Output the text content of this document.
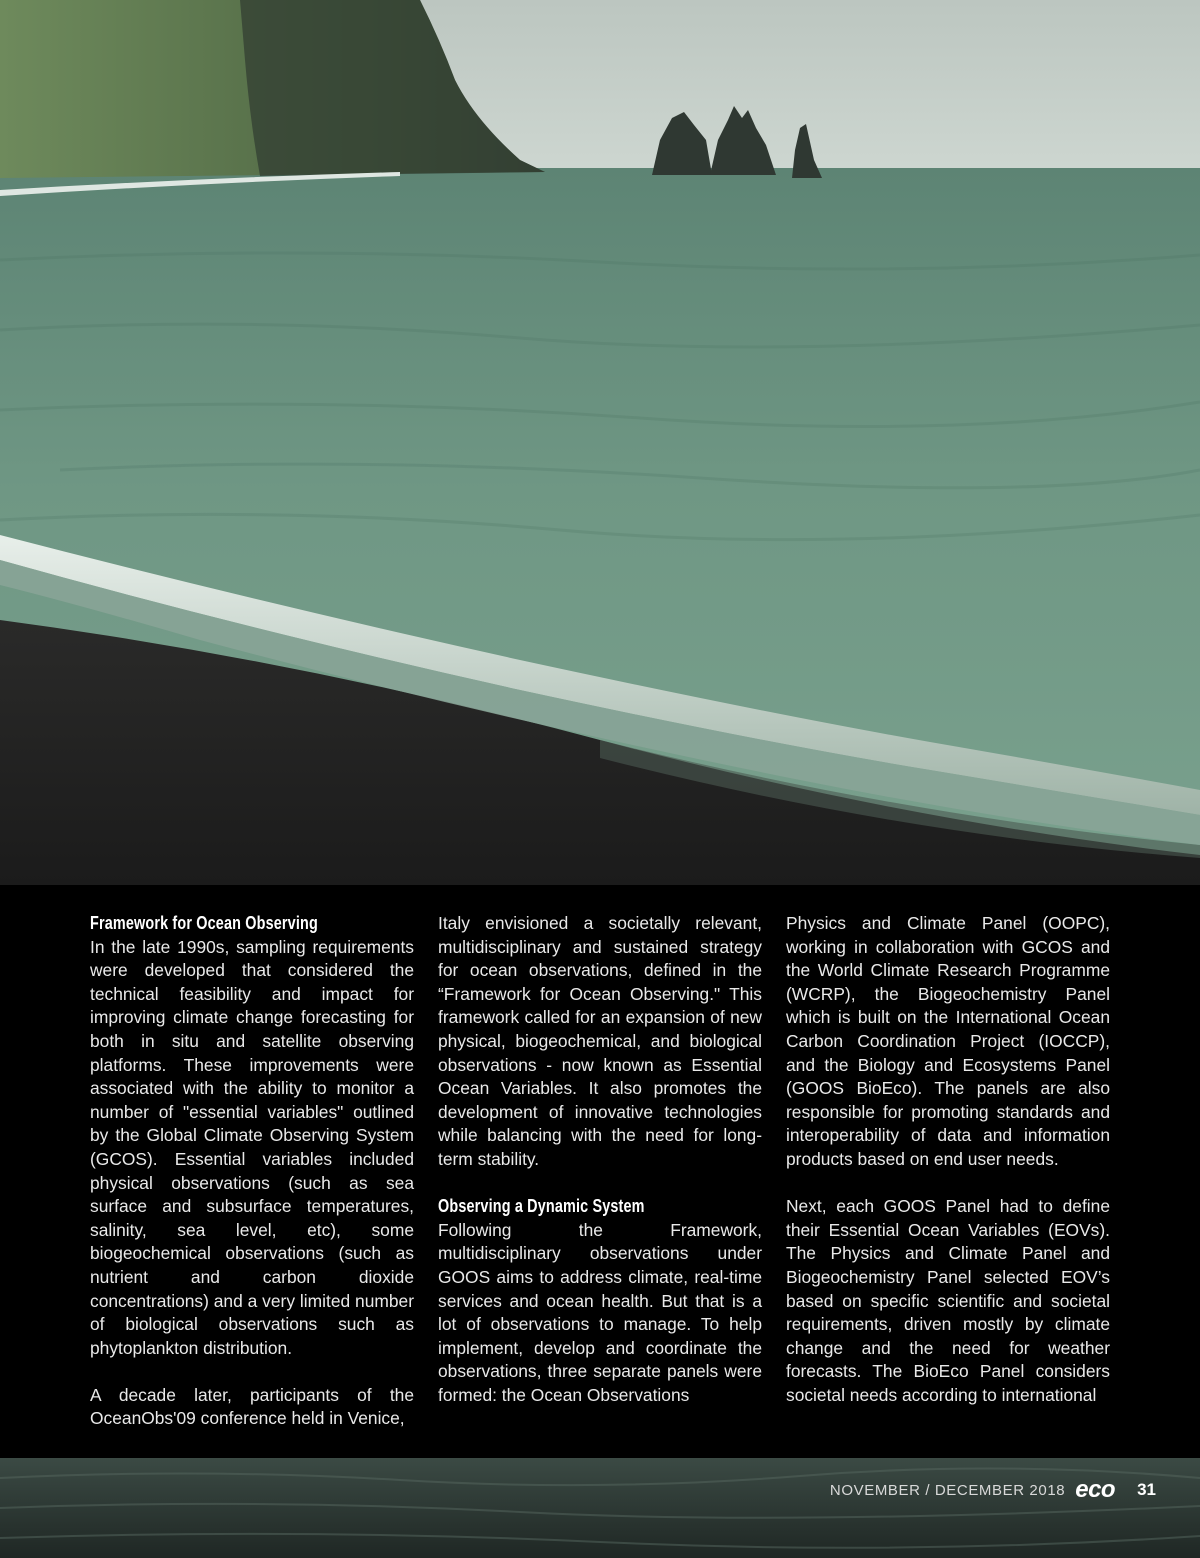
Framework for Ocean Observing

In the late 1990s, sampling requirements were developed that considered the technical feasibility and impact for improving climate change forecasting for both in situ and satellite observing platforms. These improvements were associated with the ability to monitor a number of "essential variables" outlined by the Global Climate Observing System (GCOS). Essential variables included physical observations (such as sea surface and subsurface temperatures, salinity, sea level, etc), some biogeochemical observations (such as nutrient and carbon dioxide concentrations) and a very limited number of biological observations such as phytoplankton distribution.

A decade later, participants of the OceanObs'09 conference held in Venice,

Italy envisioned a societally relevant, multidisciplinary and sustained strategy for ocean observations, defined in the “Framework for Ocean Observing." This framework called for an expansion of new physical, biogeochemical, and biological observations - now known as Essential Ocean Variables. It also promotes the development of innovative technologies while balancing with the need for long-term stability.

Observing a Dynamic System

Following the Framework, multidisciplinary observations under GOOS aims to address climate, real-time services and ocean health. But that is a lot of observations to manage. To help implement, develop and coordinate the observations, three separate panels were formed: the Ocean Observations

Physics and Climate Panel (OOPC), working in collaboration with GCOS and the World Climate Research Programme (WCRP), the Biogeochemistry Panel which is built on the International Ocean Carbon Coordination Project (IOCCP), and the Biology and Ecosystems Panel (GOOS BioEco). The panels are also responsible for promoting standards and interoperability of data and information products based on end user needs.

Next, each GOOS Panel had to define their Essential Ocean Variables (EOVs). The Physics and Climate Panel and Biogeochemistry Panel selected EOV’s based on specific scientific and societal requirements, driven mostly by climate change and the need for weather forecasts. The BioEco Panel considers societal needs according to international

NOVEMBER / DECEMBER 2018 eco 31
